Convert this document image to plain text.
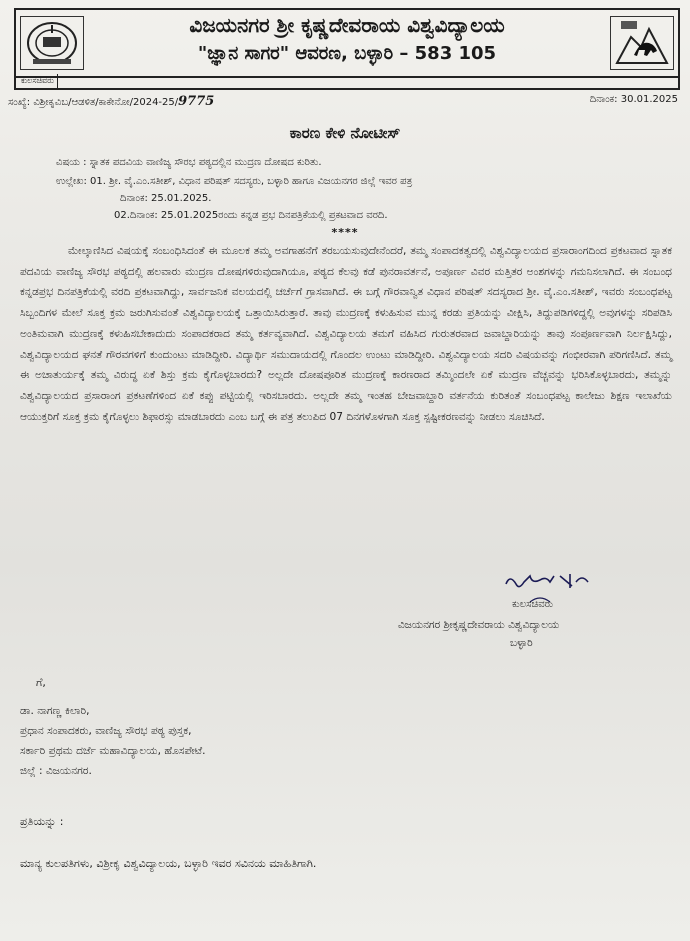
ವಿಜಯನಗರ ಶ್ರೀ ಕೃಷ್ಣದೇವರಾಯ ವಿಶ್ವವಿದ್ಯಾಲಯ
"ಜ್ಞಾನ ಸಾಗರ" ಆವರಣ, ಬಳ್ಳಾರಿ – 583 105
ಕುಲಸಚಿವರು
ಸಂಖ್ಯೆ: ವಿಶ್ರೀಕೃವಿಬ/ಆಡಳಿತ/ಕಾಕೇನೋ/2024-25/9775	ದಿನಾಂಕ: 30.01.2025
ಕಾರಣ ಕೇಳಿ ನೋಟೀಸ್
ವಿಷಯ : ಸ್ನಾತಕ ಪದವಿಯ ವಾಣಿಜ್ಯ ಸೌರಭ ಪಠ್ಯದಲ್ಲಿನ ಮುದ್ರಣ ದೋಷದ ಕುರಿತು.
ಉಲ್ಲೇಖ: 01. ಶ್ರೀ. ವೈ.ಎಂ.ಸತೀಶ್, ವಿಧಾನ ಪರಿಷತ್ ಸದಸ್ಯರು, ಬಳ್ಳಾರಿ ಹಾಗೂ ವಿಜಯನಗರ ಜಿಲ್ಲೆ ಇವರ ಪತ್ರ
ದಿನಾಂಕ: 25.01.2025.
02.ದಿನಾಂಕ: 25.01.2025ರಂದು ಕನ್ನಡ ಪ್ರಭ ದಿನಪತ್ರಿಕೆಯಲ್ಲಿ ಪ್ರಕಟವಾದ ವರದಿ.
****
ಮೇಲ್ಕಾಣಿಸಿದ ವಿಷಯಕ್ಕೆ ಸಂಬಂಧಿಸಿದಂತೆ ಈ ಮೂಲಕ ತಮ್ಮ ಅವಗಾಹನೆಗೆ ತರಬಯಸುವುದೇನೆಂದರೆ, ತಮ್ಮ ಸಂಪಾದಕತ್ವದಲ್ಲಿ ವಿಶ್ವವಿದ್ಯಾಲಯದ ಪ್ರಸಾರಾಂಗದಿಂದ ಪ್ರಕಟವಾದ ಸ್ನಾತಕ ಪದವಿಯ ವಾಣಿಜ್ಯ ಸೌರಭ ಪಠ್ಯದಲ್ಲಿ ಹಲವಾರು ಮುದ್ರಣ ದೋಷಗಳಿರುವುದಾಗಿಯೂ, ಪಠ್ಯದ ಕೆಲವು ಕಡೆ ಪುನರಾವರ್ತನೆ, ಅಪೂರ್ಣ ವಿವರ ಮತ್ತಿತರ ಅಂಶಗಳನ್ನು ಗಮನಿಸಲಾಗಿದೆ. ಈ ಸಂಬಂಧ ಕನ್ನಡಪ್ರಭ ದಿನಪತ್ರಿಕೆಯಲ್ಲಿ ವರದಿ ಪ್ರಕಟವಾಗಿದ್ದು, ಸಾರ್ವಜನಿಕ ವಲಯದಲ್ಲಿ ಚರ್ಚೆಗೆ ಗ್ರಾಸವಾಗಿದೆ. ಈ ಬಗ್ಗೆ ಗೌರವಾನ್ವಿತ ವಿಧಾನ ಪರಿಷತ್ ಸದಸ್ಯರಾದ ಶ್ರೀ. ವೈ.ಎಂ.ಸತೀಶ್, ಇವರು ಸಂಬಂಧಪಟ್ಟ ಸಿಬ್ಬಂದಿಗಳ ಮೇಲೆ ಸೂಕ್ತ ಕ್ರಮ ಜರುಗಿಸುವಂತೆ ವಿಶ್ವವಿದ್ಯಾಲಯಕ್ಕೆ ಒತ್ತಾಯಿಸಿರುತ್ತಾರೆ. ತಾವು ಮುದ್ರಣಕ್ಕೆ ಕಳುಹಿಸುವ ಮುನ್ನ ಕರಡು ಪ್ರತಿಯನ್ನು ವೀಕ್ಷಿಸಿ, ತಿದ್ದುಪಡಿಗಳಿದ್ದಲ್ಲಿ ಅವುಗಳನ್ನು ಸರಿಪಡಿಸಿ ಅಂತಿಮವಾಗಿ ಮುದ್ರಣಕ್ಕೆ ಕಳುಹಿಸಬೇಕಾದುದು ಸಂಪಾದಕರಾದ ತಮ್ಮ ಕರ್ತವ್ಯವಾಗಿದೆ. ವಿಶ್ವವಿದ್ಯಾಲಯ ತಮಗೆ ವಹಿಸಿದ ಗುರುತರವಾದ ಜವಾಬ್ದಾರಿಯನ್ನು ತಾವು ಸಂಪೂರ್ಣವಾಗಿ ನಿರ್ಲಕ್ಷಿಸಿದ್ದು, ವಿಶ್ವವಿದ್ಯಾಲಯದ ಘನತೆ ಗೌರವಗಳಿಗೆ ಕುಂದುಂಟು ಮಾಡಿದ್ದೀರಿ. ವಿದ್ಯಾರ್ಥಿ ಸಮುದಾಯದಲ್ಲಿ ಗೊಂದಲ ಉಂಟು ಮಾಡಿದ್ದೀರಿ. ವಿಶ್ವವಿದ್ಯಾಲಯ ಸದರಿ ವಿಷಯವನ್ನು ಗಂಭೀರವಾಗಿ ಪರಿಗಣಿಸಿದೆ. ತಮ್ಮ ಈ ಅಚಾತುರ್ಯಕ್ಕೆ ತಮ್ಮ ವಿರುದ್ಧ ಏಕೆ ಶಿಸ್ತು ಕ್ರಮ ಕೈಗೊಳ್ಳಬಾರದು? ಅಲ್ಲದೇ ದೋಷಪೂರಿತ ಮುದ್ರಣಕ್ಕೆ ಕಾರಣರಾದ ತಮ್ಮಿಂದಲೇ ಏಕೆ ಮುದ್ರಣ ವೆಚ್ಚವನ್ನು ಭರಿಸಿಕೊಳ್ಳಬಾರದು, ತಮ್ಮನ್ನು ವಿಶ್ವವಿದ್ಯಾಲಯದ ಪ್ರಸಾರಾಂಗ ಪ್ರಕಟಣೆಗಳಿಂದ ಏಕೆ ಕಪ್ಪು ಪಟ್ಟಿಯಲ್ಲಿ ಇರಿಸಬಾರದು. ಅಲ್ಲದೇ ತಮ್ಮ ಇಂತಹ ಬೇಜವಾಬ್ದಾರಿ ವರ್ತನೆಯ ಕುರಿತಂತೆ ಸಂಬಂಧಪಟ್ಟ ಕಾಲೇಜು ಶಿಕ್ಷಣ ಇಲಾಖೆಯ ಆಯುಕ್ತರಿಗೆ ಸೂಕ್ತ ಕ್ರಮ ಕೈಗೊಳ್ಳಲು ಶಿಫಾರಸ್ಸು ಮಾಡಬಾರದು ಎಂಬ ಬಗ್ಗೆ ಈ ಪತ್ರ ತಲುಪಿದ 07 ದಿನಗಳೊಳಗಾಗಿ ಸೂಕ್ತ ಸ್ಪಷ್ಟೀಕರಣವನ್ನು ನೀಡಲು ಸೂಚಿಸಿದೆ.
ಕುಲಸಚಿವರು
ವಿಜಯನಗರ ಶ್ರೀಕೃಷ್ಣದೇವರಾಯ ವಿಶ್ವವಿದ್ಯಾಲಯ
ಬಳ್ಳಾರಿ
ಗೆ,
ಡಾ. ನಾಗಣ್ಣ ಕಿಲಾರಿ,
ಪ್ರಧಾನ ಸಂಪಾದಕರು, ವಾಣಿಜ್ಯ ಸೌರಭ ಪಠ್ಯ ಪುಸ್ತಕ,
ಸರ್ಕಾರಿ ಪ್ರಥಮ ದರ್ಜೆ ಮಹಾವಿದ್ಯಾಲಯ, ಹೊಸಪೇಟೆ.
ಜಿಲ್ಲೆ : ವಿಜಯನಗರ.
ಪ್ರತಿಯನ್ನು :
ಮಾನ್ಯ ಕುಲಪತಿಗಳು, ವಿಶ್ರೀಕೃ ವಿಶ್ವವಿದ್ಯಾಲಯ, ಬಳ್ಳಾರಿ ಇವರ ಸವಿನಯ ಮಾಹಿತಿಗಾಗಿ.
